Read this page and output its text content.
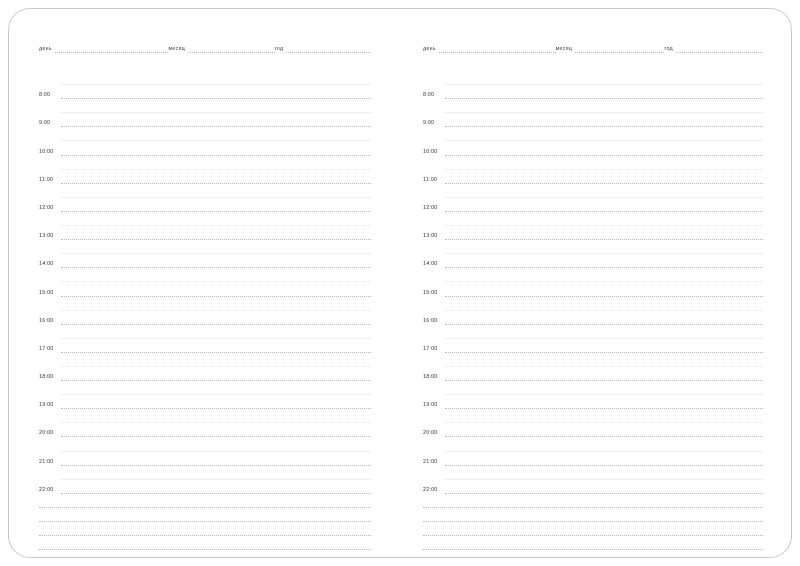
день	месяц	год
8:00
9:00
10:00
11:00
12:00
13:00
14:00
15:00
16:00
17:00
18:00
19:00
20:00
21:00
22:00
день	месяц	год
8:00
9:00
10:00
11:00
12:00
13:00
14:00
15:00
16:00
17:00
18:00
19:00
20:00
21:00
22:00
